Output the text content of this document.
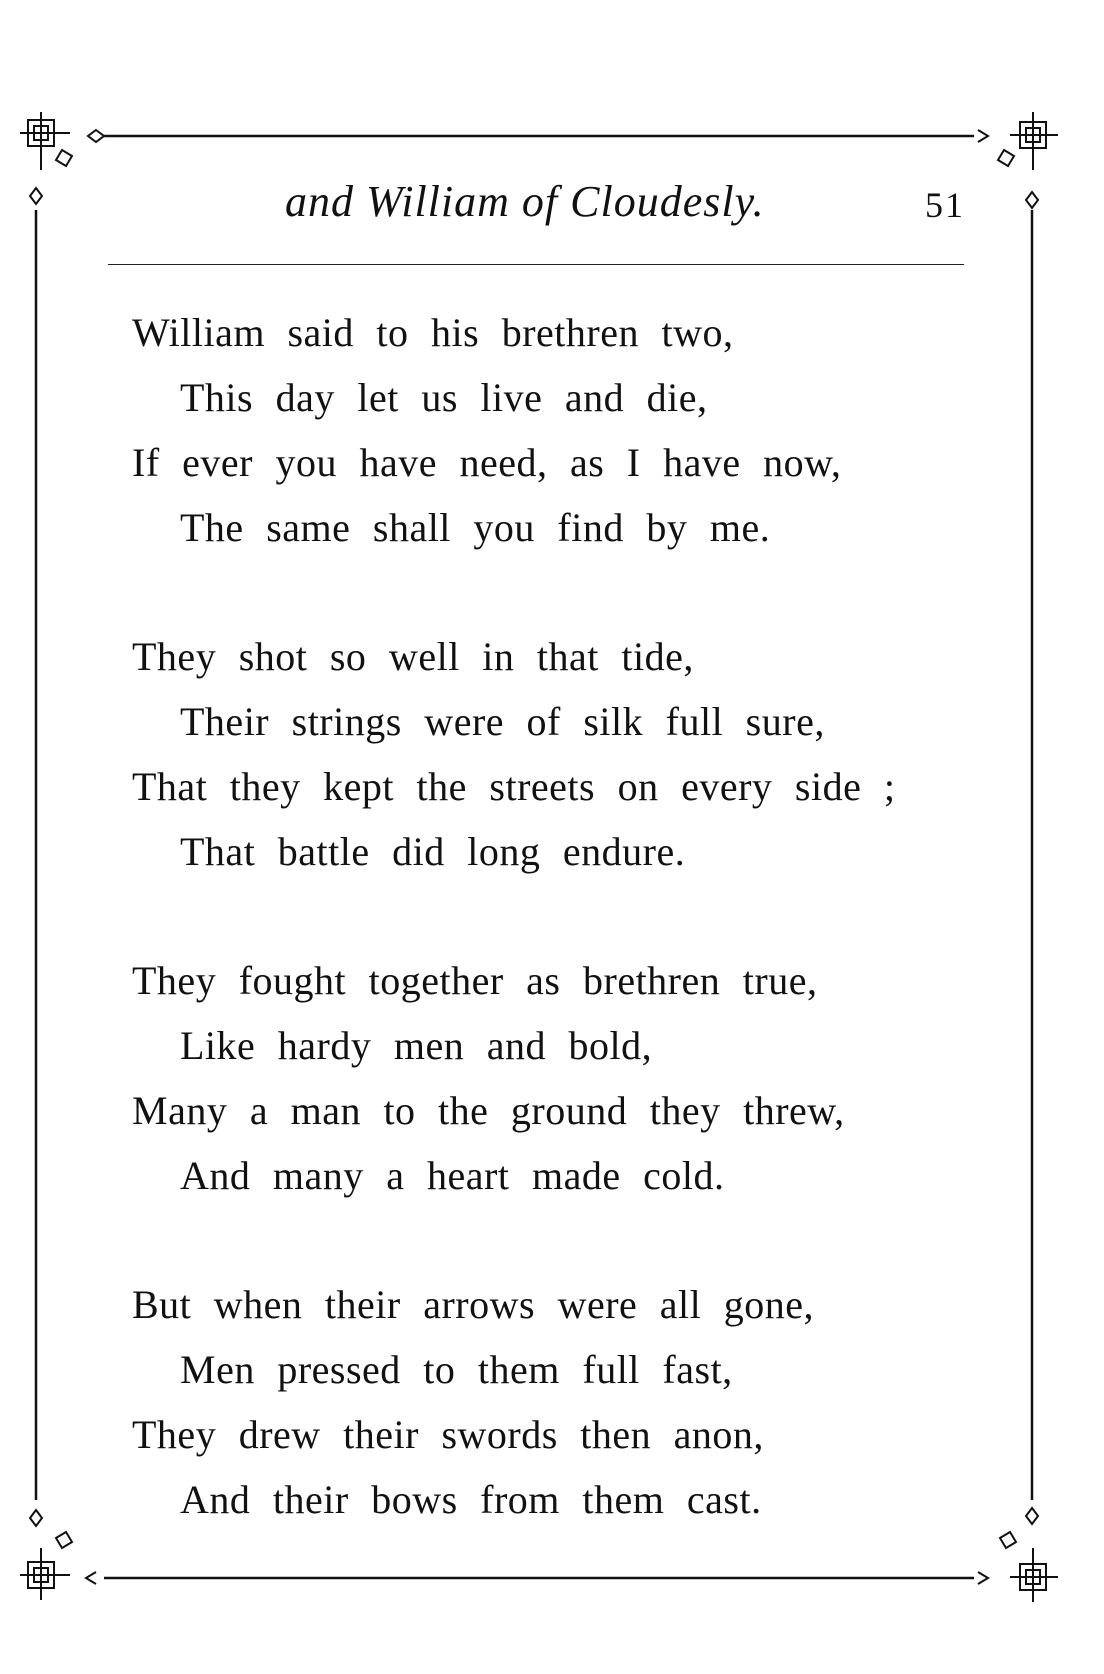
and William of Cloudesly.	51
William said to his brethren two,
This day let us live and die,
If ever you have need, as I have now,
The same shall you find by me.
They shot so well in that tide,
Their strings were of silk full sure,
That they kept the streets on every side ;
That battle did long endure.
They fought together as brethren true,
Like hardy men and bold,
Many a man to the ground they threw,
And many a heart made cold.
But when their arrows were all gone,
Men pressed to them full fast,
They drew their swords then anon,
And their bows from them cast.
